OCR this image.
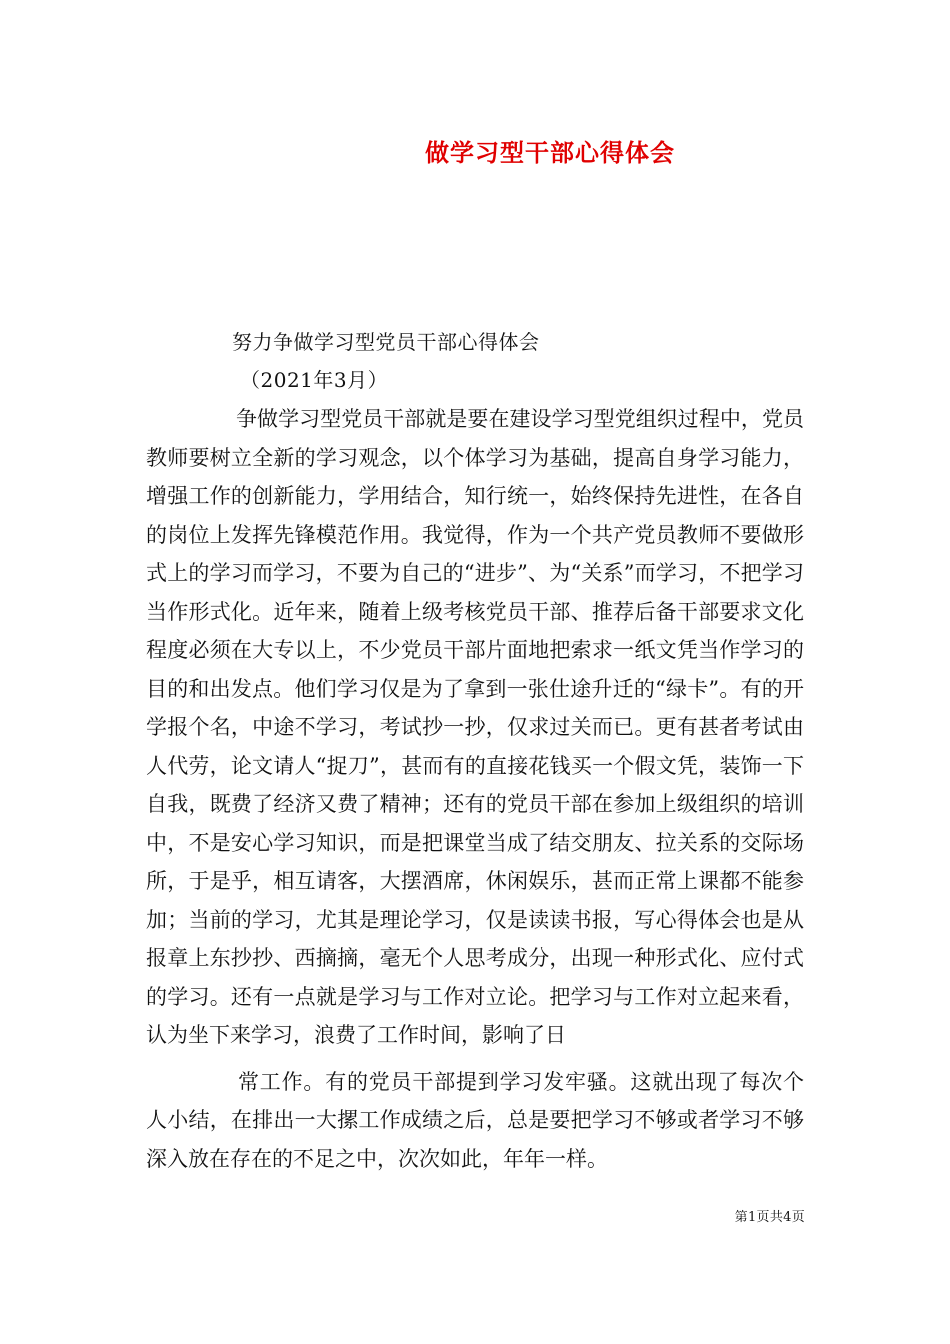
做学习型干部心得体会
努力争做学习型党员干部心得体会
（2021年3月）

争做学习型党员干部就是要在建设学习型党组织过程中，党员教师要树立全新的学习观念，以个体学习为基础，提高自身学习能力，增强工作的创新能力，学用结合，知行统一，始终保持先进性，在各自的岗位上发挥先锋模范作用。我觉得，作为一个共产党员教师不要做形式上的学习而学习，不要为自己的“进步”、为“关系”而学习，不把学习当作形式化。近年来，随着上级考核党员干部、推荐后备干部要求文化程度必须在大专以上，不少党员干部片面地把索求一纸文凭当作学习的目的和出发点。他们学习仅是为了拿到一张仕途升迁的“绿卡”。有的开学报个名，中途不学习，考试抄一抄，仅求过关而已。更有甚者考试由人代劳，论文请人“捉刀”，甚而有的直接花钱买一个假文凭，装饰一下自我，既费了经济又费了精神；还有的党员干部在参加上级组织的培训中，不是安心学习知识，而是把课堂当成了结交朋友、拉关系的交际场所，于是乎，相互请客，大摆酒席，休闲娱乐，甚而正常上课都不能参加；当前的学习，尤其是理论学习，仅是读读书报，写心得体会也是从报章上东抄抄、西摘摘，毫无个人思考成分，出现一种形式化、应付式的学习。还有一点就是学习与工作对立论。把学习与工作对立起来看，认为坐下来学习，浪费了工作时间，影响了日

常工作。有的党员干部提到学习发牢骚。这就出现了每次个人小结，在排出一大摞工作成绩之后，总是要把学习不够或者学习不够深入放在存在的不足之中，次次如此，年年一样。

第1页共4页
